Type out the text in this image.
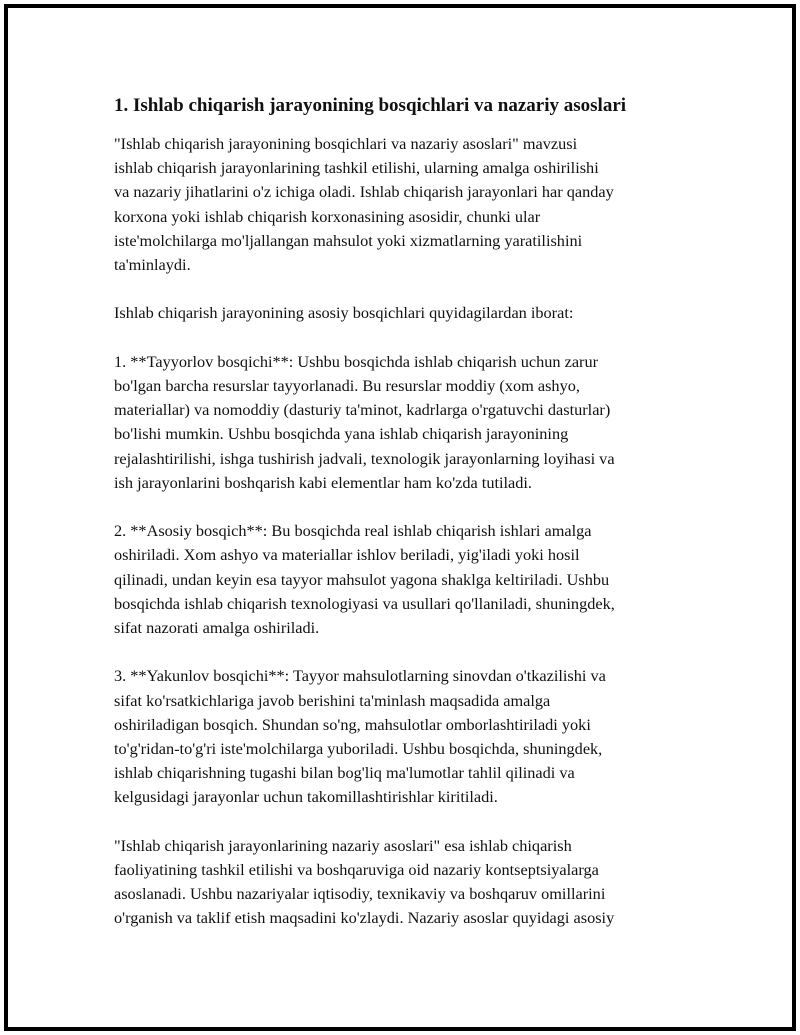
1. Ishlab chiqarish jarayonining bosqichlari va nazariy asoslari

"Ishlab chiqarish jarayonining bosqichlari va nazariy asoslari" mavzusi
ishlab chiqarish jarayonlarining tashkil etilishi, ularning amalga oshirilishi
va nazariy jihatlarini o'z ichiga oladi. Ishlab chiqarish jarayonlari har qanday
korxona yoki ishlab chiqarish korxonasining asosidir, chunki ular
iste'molchilarga mo'ljallangan mahsulot yoki xizmatlarning yaratilishini
ta'minlaydi.

Ishlab chiqarish jarayonining asosiy bosqichlari quyidagilardan iborat:

1. **Tayyorlov bosqichi**: Ushbu bosqichda ishlab chiqarish uchun zarur
bo'lgan barcha resurslar tayyorlanadi. Bu resurslar moddiy (xom ashyo,
materiallar) va nomoddiy (dasturiy ta'minot, kadrlarga o'rgatuvchi dasturlar)
bo'lishi mumkin. Ushbu bosqichda yana ishlab chiqarish jarayonining
rejalashtirilishi, ishga tushirish jadvali, texnologik jarayonlarning loyihasi va
ish jarayonlarini boshqarish kabi elementlar ham ko'zda tutiladi.

2. **Asosiy bosqich**: Bu bosqichda real ishlab chiqarish ishlari amalga
oshiriladi. Xom ashyo va materiallar ishlov beriladi, yig'iladi yoki hosil
qilinadi, undan keyin esa tayyor mahsulot yagona shaklga keltiriladi. Ushbu
bosqichda ishlab chiqarish texnologiyasi va usullari qo'llaniladi, shuningdek,
sifat nazorati amalga oshiriladi.

3. **Yakunlov bosqichi**: Tayyor mahsulotlarning sinovdan o'tkazilishi va
sifat ko'rsatkichlariga javob berishini ta'minlash maqsadida amalga
oshiriladigan bosqich. Shundan so'ng, mahsulotlar omborlashtiriladi yoki
to'g'ridan-to'g'ri iste'molchilarga yuboriladi. Ushbu bosqichda, shuningdek,
ishlab chiqarishning tugashi bilan bog'liq ma'lumotlar tahlil qilinadi va
kelgusidagi jarayonlar uchun takomillashtirishlar kiritiladi.

"Ishlab chiqarish jarayonlarining nazariy asoslari" esa ishlab chiqarish
faoliyatining tashkil etilishi va boshqaruviga oid nazariy kontseptsiyalarga
asoslanadi. Ushbu nazariyalar iqtisodiy, texnikaviy va boshqaruv omillarini
o'rganish va taklif etish maqsadini ko'zlaydi. Nazariy asoslar quyidagi asosiy
